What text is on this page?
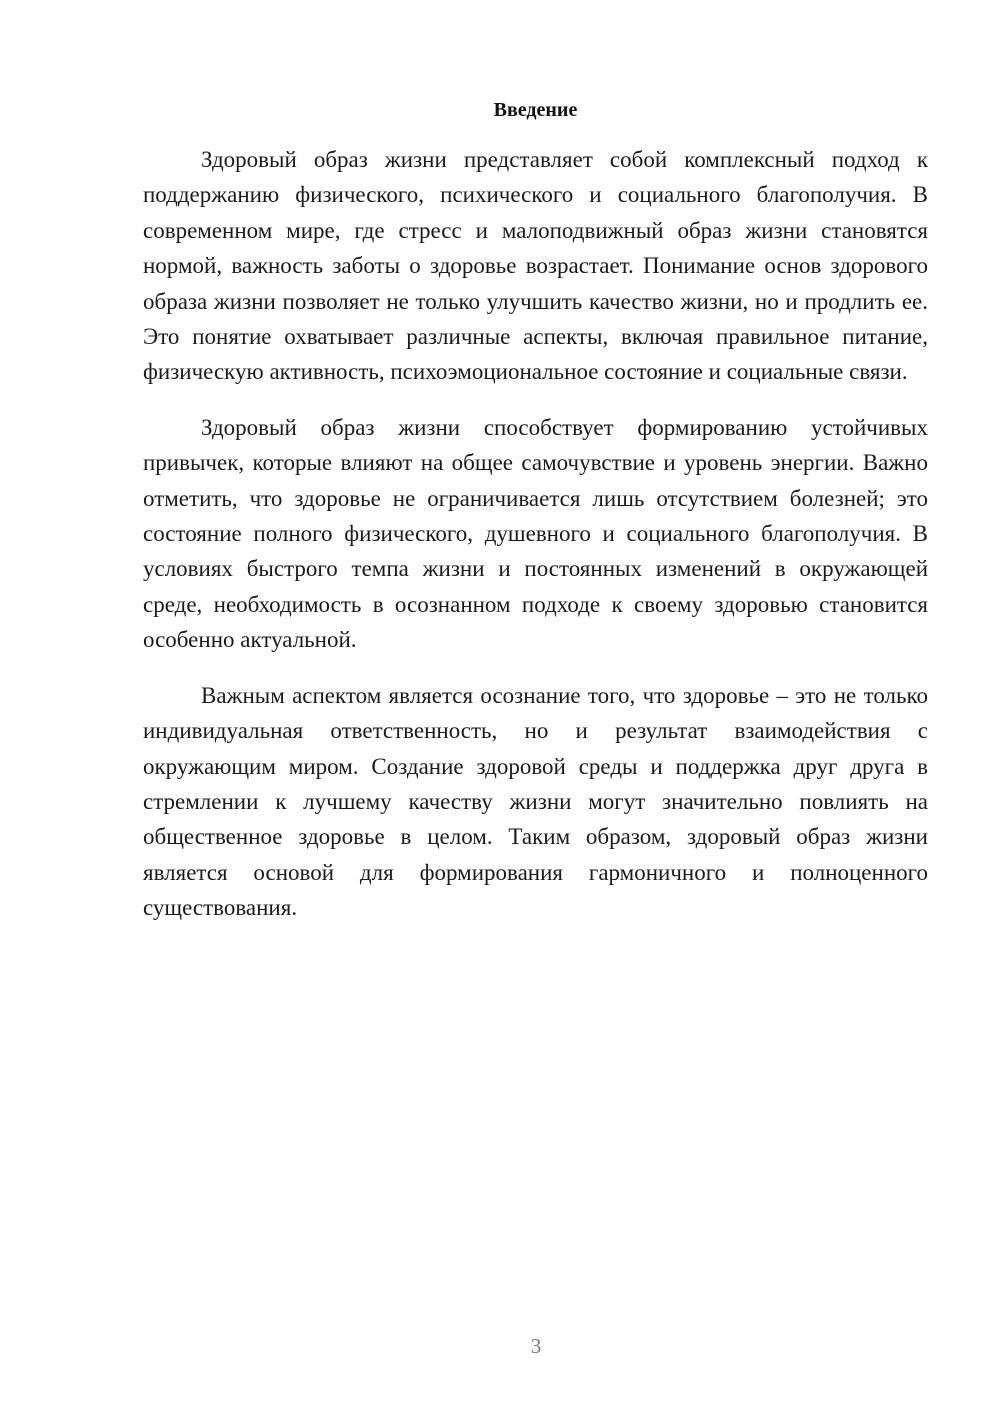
Введение

Здоровый образ жизни представляет собой комплексный подход к поддержанию физического, психического и социального благополучия. В современном мире, где стресс и малоподвижный образ жизни становятся нормой, важность заботы о здоровье возрастает. Понимание основ здорового образа жизни позволяет не только улучшить качество жизни, но и продлить ее. Это понятие охватывает различные аспекты, включая правильное питание, физическую активность, психоэмоциональное состояние и социальные связи.

Здоровый образ жизни способствует формированию устойчивых привычек, которые влияют на общее самочувствие и уровень энергии. Важно отметить, что здоровье не ограничивается лишь отсутствием болезней; это состояние полного физического, душевного и социального благополучия. В условиях быстрого темпа жизни и постоянных изменений в окружающей среде, необходимость в осознанном подходе к своему здоровью становится особенно актуальной.

Важным аспектом является осознание того, что здоровье – это не только индивидуальная ответственность, но и результат взаимодействия с окружающим миром. Создание здоровой среды и поддержка друг друга в стремлении к лучшему качеству жизни могут значительно повлиять на общественное здоровье в целом. Таким образом, здоровый образ жизни является основой для формирования гармоничного и полноценного существования.

3
